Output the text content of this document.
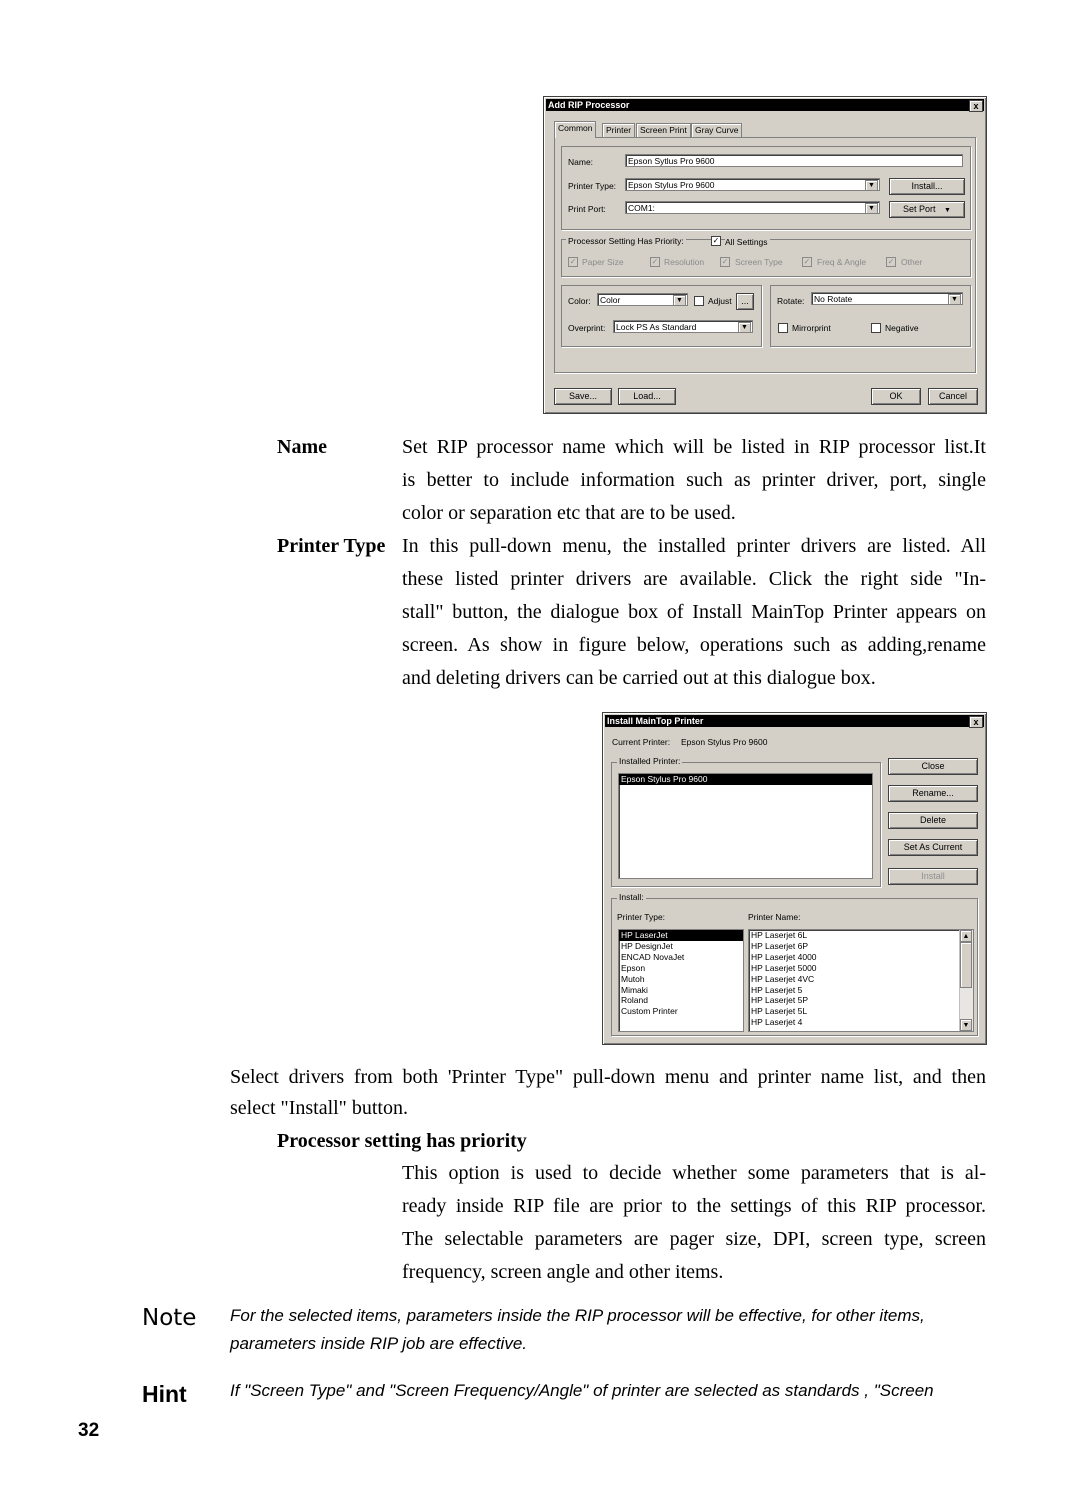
Add RIP Processor	x
Common	Printer	Screen Print Gray Curve
Name:	Epson Sytlus Pro 9600
Printer Type:	Epson Stylus Pro 9600	▼	Install...
Print Port:	COM1:	▼	Set Port ▼
Processor Setting Has Priority:	✓ All Settings
✓ Paper Size	✓ Resolution ✓ Screen Type	✓ Freq & Angle	✓ Other
Color:	Color	▼	Adjust	...
Overprint:	Lock PS As Standard	▼
Rotate:	No Rotate	▼
Mirrorprint	Negative
Save...	Load...	OK	Cancel
Name	Set RIP processor name which will be listed in RIP processor list.It
is better to include information such as printer driver, port, single
color or separation etc that are to be used.
Printer Type In this pull-down menu, the installed printer drivers are listed. All
these listed printer drivers are available. Click the right side "In-
stall" button, the dialogue box of Install MainTop Printer appears on
screen. As show in figure below, operations such as adding,rename
and deleting drivers can be carried out at this dialogue box.
Install MainTop Printer	x
Current Printer: Epson Stylus Pro 9600
Installed Printer:
Epson Stylus Pro 9600
Close
Rename...
Delete
Set As Current
Install
Install:
Printer Type:	Printer Name:
HP LaserJet
HP DesignJet
ENCAD NovaJet
Epson
Mutoh
Mimaki
Roland
Custom Printer
HP Laserjet 6L
HP Laserjet 6P
HP Laserjet 4000
HP Laserjet 5000
HP Laserjet 4VC
HP Laserjet 5
HP Laserjet 5P
HP Laserjet 5L
HP Laserjet 4
▲
▼
Select drivers from both 'Printer Type" pull-down menu and printer name list, and then
select "Install" button.
Processor setting has priority
This option is used to decide whether some parameters that is al-
ready inside RIP file are prior to the settings of this RIP processor.
The selectable parameters are pager size, DPI, screen type, screen
frequency, screen angle and other items.
Note For the selected items, parameters inside the RIP processor will be effective, for other items,
parameters inside RIP job are effective.
Hint	If "Screen Type" and "Screen Frequency/Angle" of printer are selected as standards , "Screen
32
